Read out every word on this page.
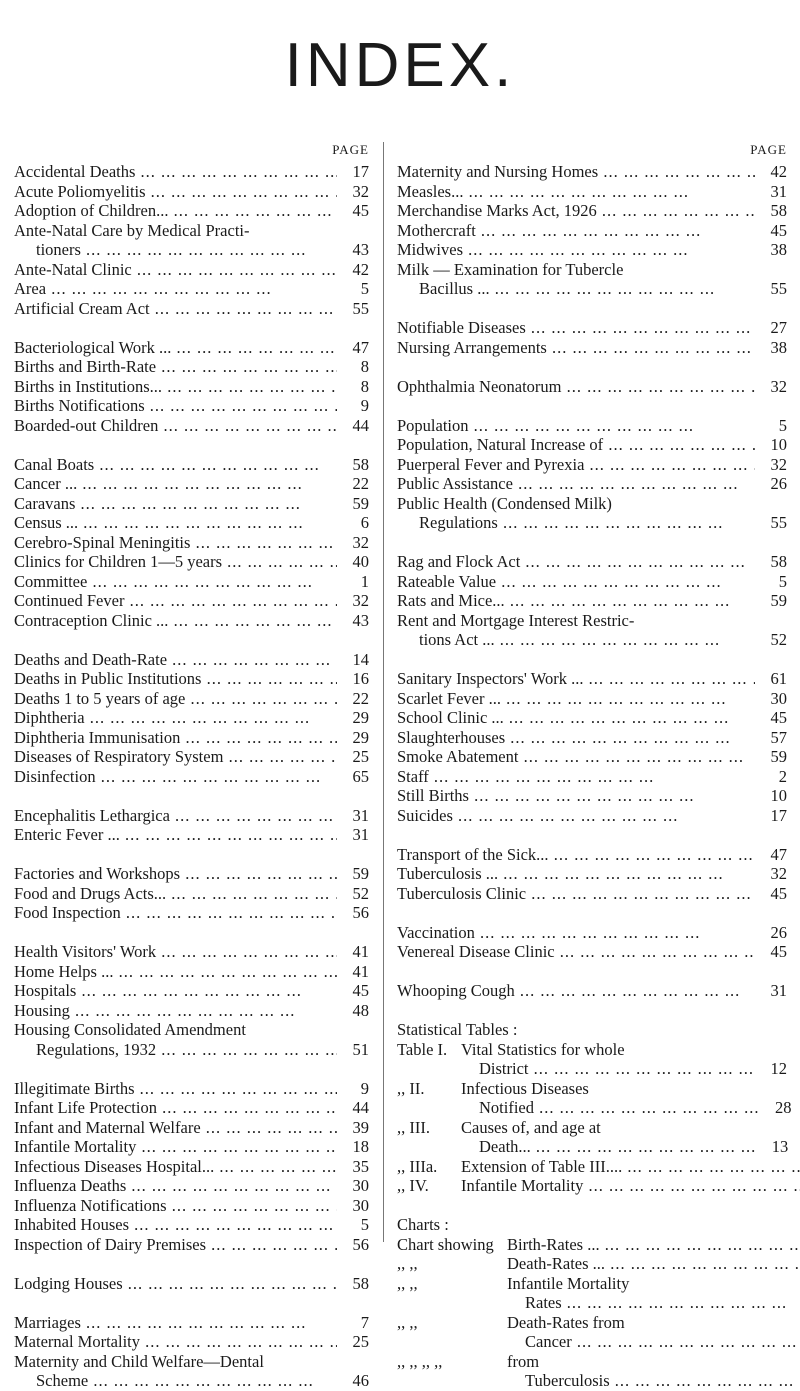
INDEX.
PAGE
Accidental Deaths ...	17
Acute Poliomyelitis ...	32
Adoption of Children... ...	45
Ante-Natal Care by Medical Practi-
tioners ...	43
Ante-Natal Clinic ...	42
Area ...	5
Artificial Cream Act ...	55
Bacteriological Work ... ...	47
Births and Birth-Rate ...	8
Births in Institutions... ...	8
Births Notifications ...	9
Boarded-out Children ...	44
Canal Boats ...	58
Cancer ... ...	22
Caravans ...	59
Census ... ...	6
Cerebro-Spinal Meningitis ...	32
Clinics for Children 1—5 years ...	40
Committee ...	1
Continued Fever ...	32
Contraception Clinic ... ...	43
Deaths and Death-Rate ...	14
Deaths in Public Institutions ...	16
Deaths 1 to 5 years of age ...	22
Diphtheria ...	29
Diphtheria Immunisation ...	29
Diseases of Respiratory System ...	25
Disinfection ...	65
Encephalitis Lethargica ...	31
Enteric Fever ... ...	31
Factories and Workshops ...	59
Food and Drugs Acts... ...	52
Food Inspection ...	56
Health Visitors' Work ...	41
Home Helps ... ...	41
Hospitals ...	45
Housing ...	48
Housing Consolidated Amendment
Regulations, 1932 ...	51
Illegitimate Births ...	9
Infant Life Protection ...	44
Infant and Maternal Welfare ...	39
Infantile Mortality ...	18
Infectious Diseases Hospital... ...	35
Influenza Deaths ...	30
Influenza Notifications ...	30
Inhabited Houses ...	5
Inspection of Dairy Premises ...	56
Lodging Houses ...	58
Marriages ...	7
Maternal Mortality ...	25
Maternity and Child Welfare—Dental
Scheme ...	46
PAGE
Maternity and Nursing Homes ...	42
Measles... ...	31
Merchandise Marks Act, 1926 ...	58
Mothercraft ...	45
Midwives ...	38
Milk — Examination for Tubercle
Bacillus ... ...	55
Notifiable Diseases ...	27
Nursing Arrangements ...	38
Ophthalmia Neonatorum ...	32
Population ...	5
Population, Natural Increase of ...	10
Puerperal Fever and Pyrexia ...	32
Public Assistance ...	26
Public Health (Condensed Milk)
Regulations ...	55
Rag and Flock Act ...	58
Rateable Value ...	5
Rats and Mice... ...	59
Rent and Mortgage Interest Restric-
tions Act ... ...	52
Sanitary Inspectors' Work ... ...	61
Scarlet Fever ... ...	30
School Clinic ... ...	45
Slaughterhouses ...	57
Smoke Abatement ...	59
Staff ...	2
Still Births ...	10
Suicides ...	17
Transport of the Sick... ...	47
Tuberculosis ... ...	32
Tuberculosis Clinic ...	45
Vaccination ...	26
Venereal Disease Clinic ...	45
Whooping Cough ...	31
Statistical Tables :
Table I. Vital Statistics for whole
District ...	12
,, II.	Infectious Diseases
Notified ...	28
,, III.	Causes of, and age at
Death... ...	13
,, IIIa.	Extension of Table III.... ...
,, IV.	Infantile Mortality ...
Charts :
Chart showing Birth-Rates ... ...
,, ,,	Death-Rates ... ...
,, ,,	Infantile Mortality
Rates ...
,, ,,	Death-Rates from
Cancer ...
,, ,, ,, ,,	from
Tuberculosis ...
